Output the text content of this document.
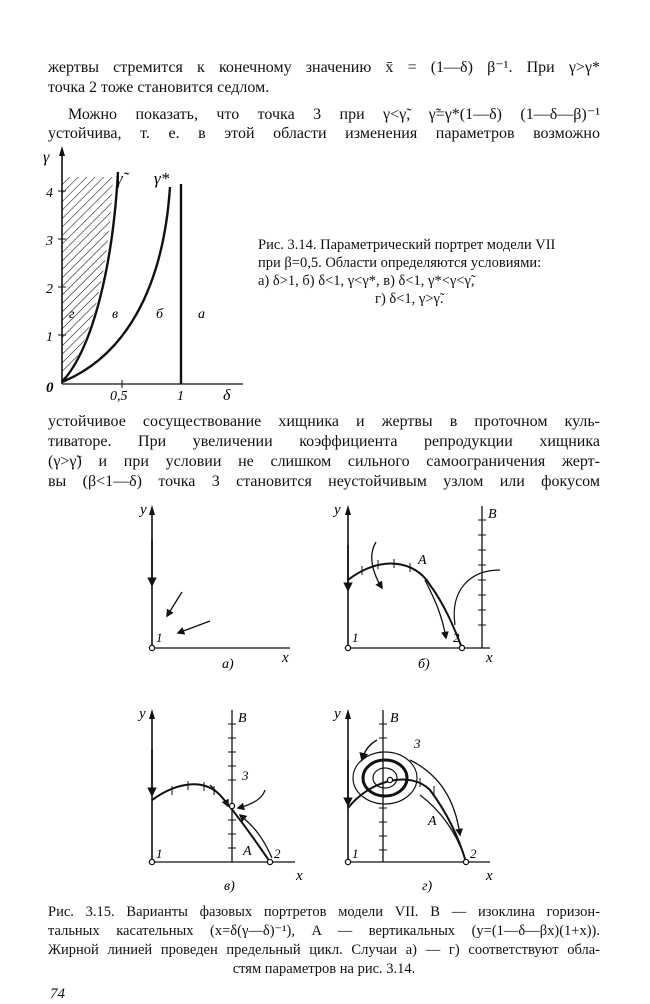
жертвы стремится к конечному значению x̄ = (1—δ) β⁻¹. При γ>γ*
точка 2 тоже становится седлом.
Можно показать, что точка 3 при γ<γ̃, γ̃=γ*(1—δ) (1—δ—β)⁻¹
устойчива, т. е. в этой области изменения параметров возможно
γ
0
1
2
3
4
0,5	1 δ
γ̃	γ*
г	в	б а
Рис. 3.14. Параметрический портрет модели VII
при β=0,5. Области определяются условиями:
а) δ>1, б) δ<1, γ<γ*, в) δ<1, γ*<γ<γ̃,
г) δ<1, γ>γ̃.
устойчивое сосуществование хищника и жертвы в проточном куль-
тиваторе. При увеличении коэффициента репродукции хищника
(γ>γ̃) и при условии не слишком сильного самоограничения жерт-
вы (β<1—δ) точка 3 становится неустойчивым узлом или фокусом
y
x
1
а)
y	B
A
x
1	2
б)
y	B
A
x
1	2
3
в)
y	B
A
x
1	2
3
г)
Рис. 3.15. Варианты фазовых портретов модели VII. B — изоклина горизон-
тальных касательных (x=δ(γ—δ)⁻¹), A — вертикальных (y=(1—δ—βx)(1+x)).
Жирной линией проведен предельный цикл. Случаи а) — г) соответствуют обла-
стям параметров на рис. 3.14.
74
